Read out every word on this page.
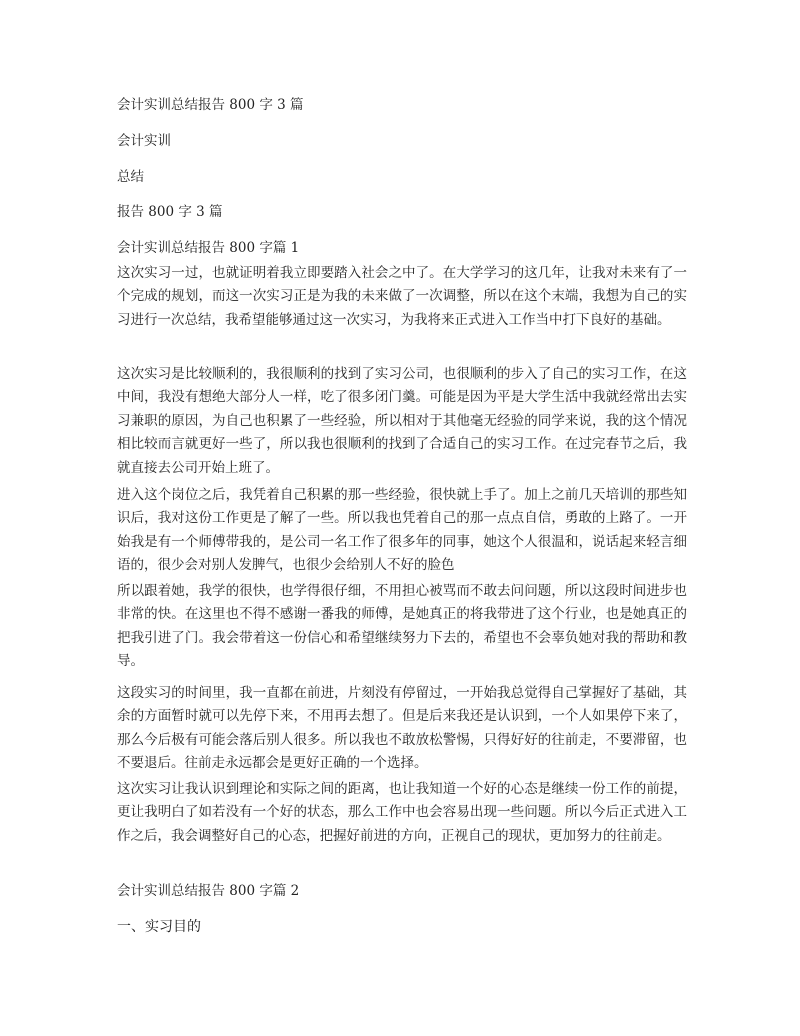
会计实训总结报告 800 字 3 篇
会计实训
总结
报告 800 字 3 篇
会计实训总结报告 800 字篇 1
这次实习一过，也就证明着我立即要踏入社会之中了。在大学学习的这几年，让我对未来有了一个完成的规划，而这一次实习正是为我的未来做了一次调整，所以在这个末端，我想为自己的实习进行一次总结，我希望能够通过这一次实习，为我将来正式进入工作当中打下良好的基础。
这次实习是比较顺利的，我很顺利的找到了实习公司，也很顺利的步入了自己的实习工作，在这中间，我没有想绝大部分人一样，吃了很多闭门羹。可能是因为平是大学生活中我就经常出去实习兼职的原因，为自己也积累了一些经验，所以相对于其他毫无经验的同学来说，我的这个情况相比较而言就更好一些了，所以我也很顺利的找到了合适自己的实习工作。在过完春节之后，我就直接去公司开始上班了。
进入这个岗位之后，我凭着自己积累的那一些经验，很快就上手了。加上之前几天培训的那些知识后，我对这份工作更是了解了一些。所以我也凭着自己的那一点点自信，勇敢的上路了。一开始我是有一个师傅带我的，是公司一名工作了很多年的同事，她这个人很温和，说话起来轻言细语的，很少会对别人发脾气，也很少会给别人不好的脸色
所以跟着她，我学的很快，也学得很仔细，不用担心被骂而不敢去问问题，所以这段时间进步也非常的快。在这里也不得不感谢一番我的师傅，是她真正的将我带进了这个行业，也是她真正的把我引进了门。我会带着这一份信心和希望继续努力下去的，希望也不会辜负她对我的帮助和教导。
这段实习的时间里，我一直都在前进，片刻没有停留过，一开始我总觉得自己掌握好了基础，其余的方面暂时就可以先停下来，不用再去想了。但是后来我还是认识到，一个人如果停下来了，那么今后极有可能会落后别人很多。所以我也不敢放松警惕，只得好好的往前走，不要滞留，也不要退后。往前走永远都会是更好正确的一个选择。
这次实习让我认识到理论和实际之间的距离，也让我知道一个好的心态是继续一份工作的前提，更让我明白了如若没有一个好的状态，那么工作中也会容易出现一些问题。所以今后正式进入工作之后，我会调整好自己的心态，把握好前进的方向，正视自己的现状，更加努力的往前走。
会计实训总结报告 800 字篇 2
一、实习目的
